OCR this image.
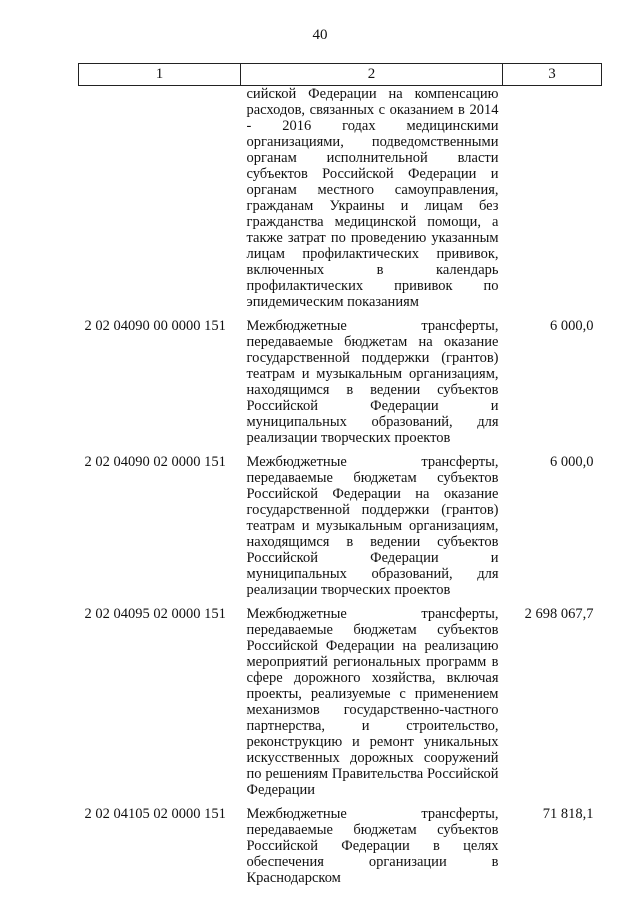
40
1	2	3
	сийской Федерации на компенсацию расходов, связанных с оказанием в 2014 - 2016 годах медицинскими организациями, подведомственными органам исполнительной власти субъектов Российской Федерации и органам местного самоуправления, гражданам Украины и лицам без гражданства медицинской помощи, а также затрат по проведению указанным лицам профилактических прививок, включенных в календарь профилактических прививок по эпидемическим показаниям	
2 02 04090 00 0000 151	Межбюджетные трансферты, передаваемые бюджетам на оказание государственной поддержки (грантов) театрам и музыкальным организациям, находящимся в ведении субъектов Российской Федерации и муниципальных образований, для реализации творческих проектов	6 000,0
2 02 04090 02 0000 151	Межбюджетные трансферты, передаваемые бюджетам субъектов Российской Федерации на оказание государственной поддержки (грантов) театрам и музыкальным организациям, находящимся в ведении субъектов Российской Федерации и муниципальных образований, для реализации творческих проектов	6 000,0
2 02 04095 02 0000 151	Межбюджетные трансферты, передаваемые бюджетам субъектов Российской Федерации на реализацию мероприятий региональных программ в сфере дорожного хозяйства, включая проекты, реализуемые с применением механизмов государственно-частного партнерства, и строительство, реконструкцию и ремонт уникальных искусственных дорожных сооружений по решениям Правительства Российской Федерации	2 698 067,7
2 02 04105 02 0000 151	Межбюджетные трансферты, передаваемые бюджетам субъектов Российской Федерации в целях обеспечения организации в Краснодарском	71 818,1
